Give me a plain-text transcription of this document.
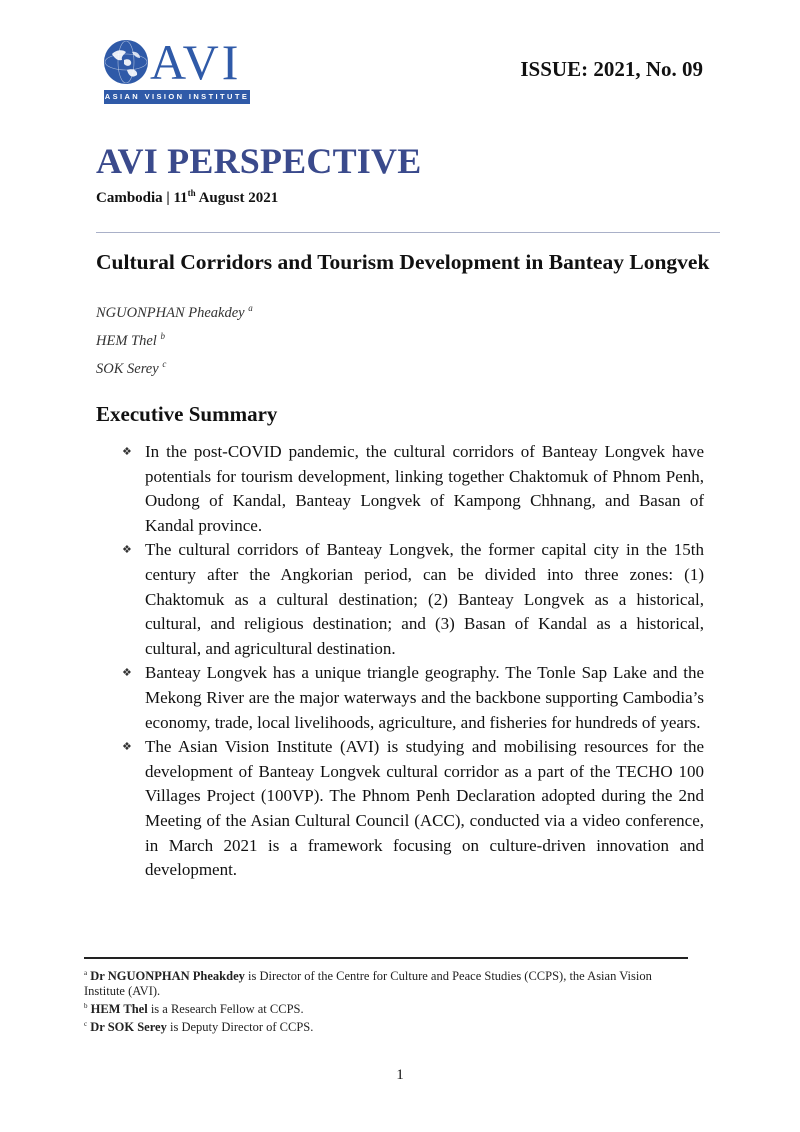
AVI
ASIAN VISION INSTITUTE
ISSUE: 2021, No. 09
AVI PERSPECTIVE
Cambodia | 11th August 2021
Cultural Corridors and Tourism Development in Banteay Longvek
NGUONPHAN Pheakdey $^a$
HEM Thel $^b$
SOK Serey $^c$
Executive Summary
❖ In the post-COVID pandemic, the cultural corridors of Banteay Longvek have potentials for tourism development, linking together Chaktomuk of Phnom Penh, Oudong of Kandal, Banteay Longvek of Kampong Chhnang, and Basan of Kandal province.
❖ The cultural corridors of Banteay Longvek, the former capital city in the 15th century after the Angkorian period, can be divided into three zones: (1) Chaktomuk as a cultural destination; (2) Banteay Longvek as a historical, cultural, and religious destination; and (3) Basan of Kandal as a historical, cultural, and agricultural destination.
❖ Banteay Longvek has a unique triangle geography. The Tonle Sap Lake and the Mekong River are the major waterways and the backbone supporting Cambodia’s economy, trade, local livelihoods, agriculture, and fisheries for hundreds of years.
❖ The Asian Vision Institute (AVI) is studying and mobilising resources for the development of Banteay Longvek cultural corridor as a part of the TECHO 100 Villages Project (100VP). The Phnom Penh Declaration adopted during the 2nd Meeting of the Asian Cultural Council (ACC), conducted via a video conference, in March 2021 is a framework focusing on culture-driven innovation and development.
$^a$ Dr NGUONPHAN Pheakdey is Director of the Centre for Culture and Peace Studies (CCPS), the Asian Vision Institute (AVI).
$^b$ HEM Thel is a Research Fellow at CCPS.
$^c$ Dr SOK Serey is Deputy Director of CCPS.
1
